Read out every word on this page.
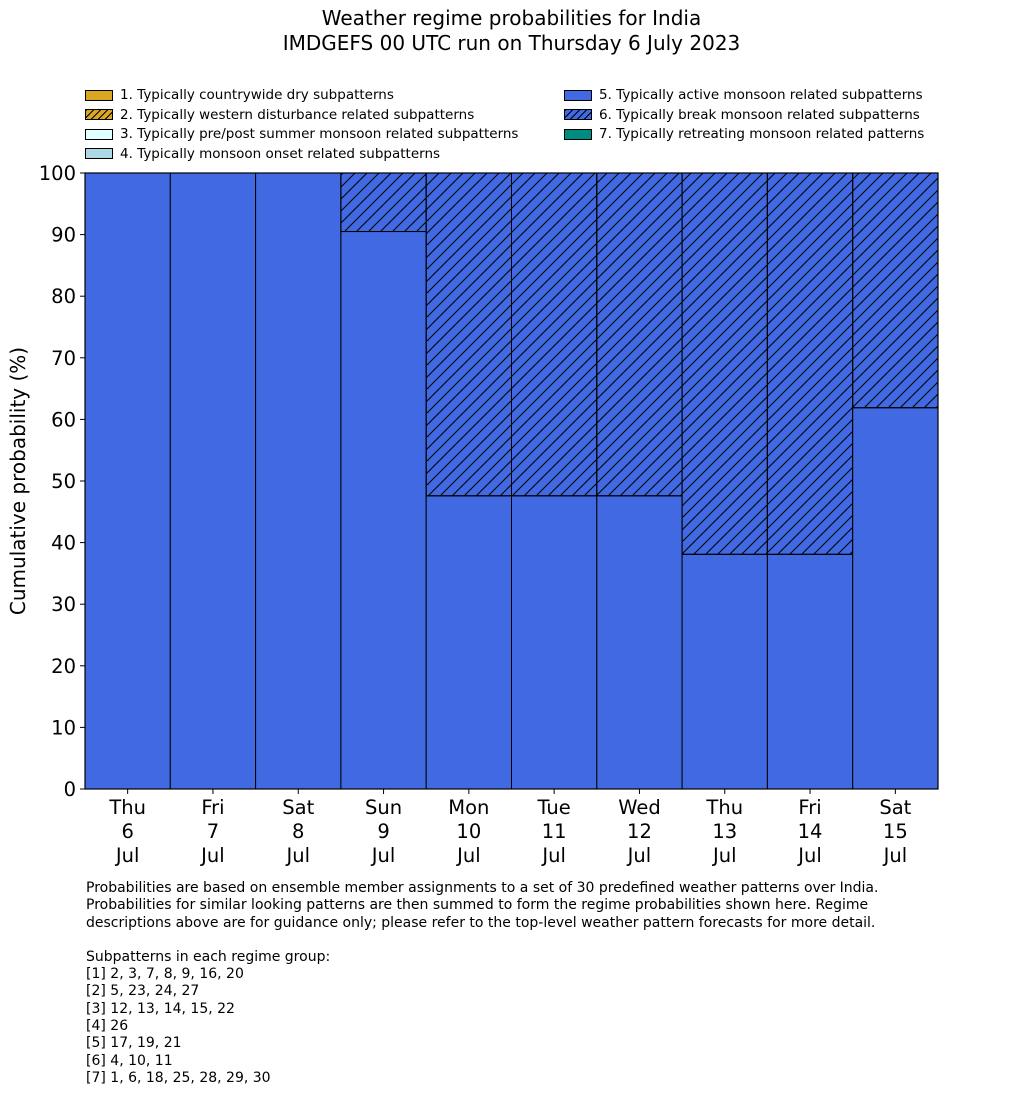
Weather regime probabilities for India
IMDGEFS 00 UTC run on Thursday 6 July 2023
1. Typically countrywide dry subpatterns
2. Typically western disturbance related subpatterns
3. Typically pre/post summer monsoon related subpatterns
4. Typically monsoon onset related subpatterns
5. Typically active monsoon related subpatterns
6. Typically break monsoon related subpatterns
7. Typically retreating monsoon related patterns
0
10
20
30
40
50
60
70
80
90
100
Thu
6
Jul
Fri
7
Jul
Sat
8
Jul
Sun
9
Jul
Mon
10
Jul
Tue
11
Jul
Wed
12
Jul
Thu
13
Jul
Fri
14
Jul
Sat
15
Jul
Cumulative probability (%)

Probabilities are based on ensemble member assignments to a set of 30 predefined weather patterns over India.

Probabilities for similar looking patterns are then summed to form the regime probabilities shown here. Regime

descriptions above are for guidance only; please refer to the top-level weather pattern forecasts for more detail.

Subpatterns in each regime group:

[1] 2, 3, 7, 8, 9, 16, 20

[2] 5, 23, 24, 27

[3] 12, 13, 14, 15, 22

[4] 26

[5] 17, 19, 21

[6] 4, 10, 11

[7] 1, 6, 18, 25, 28, 29, 30
